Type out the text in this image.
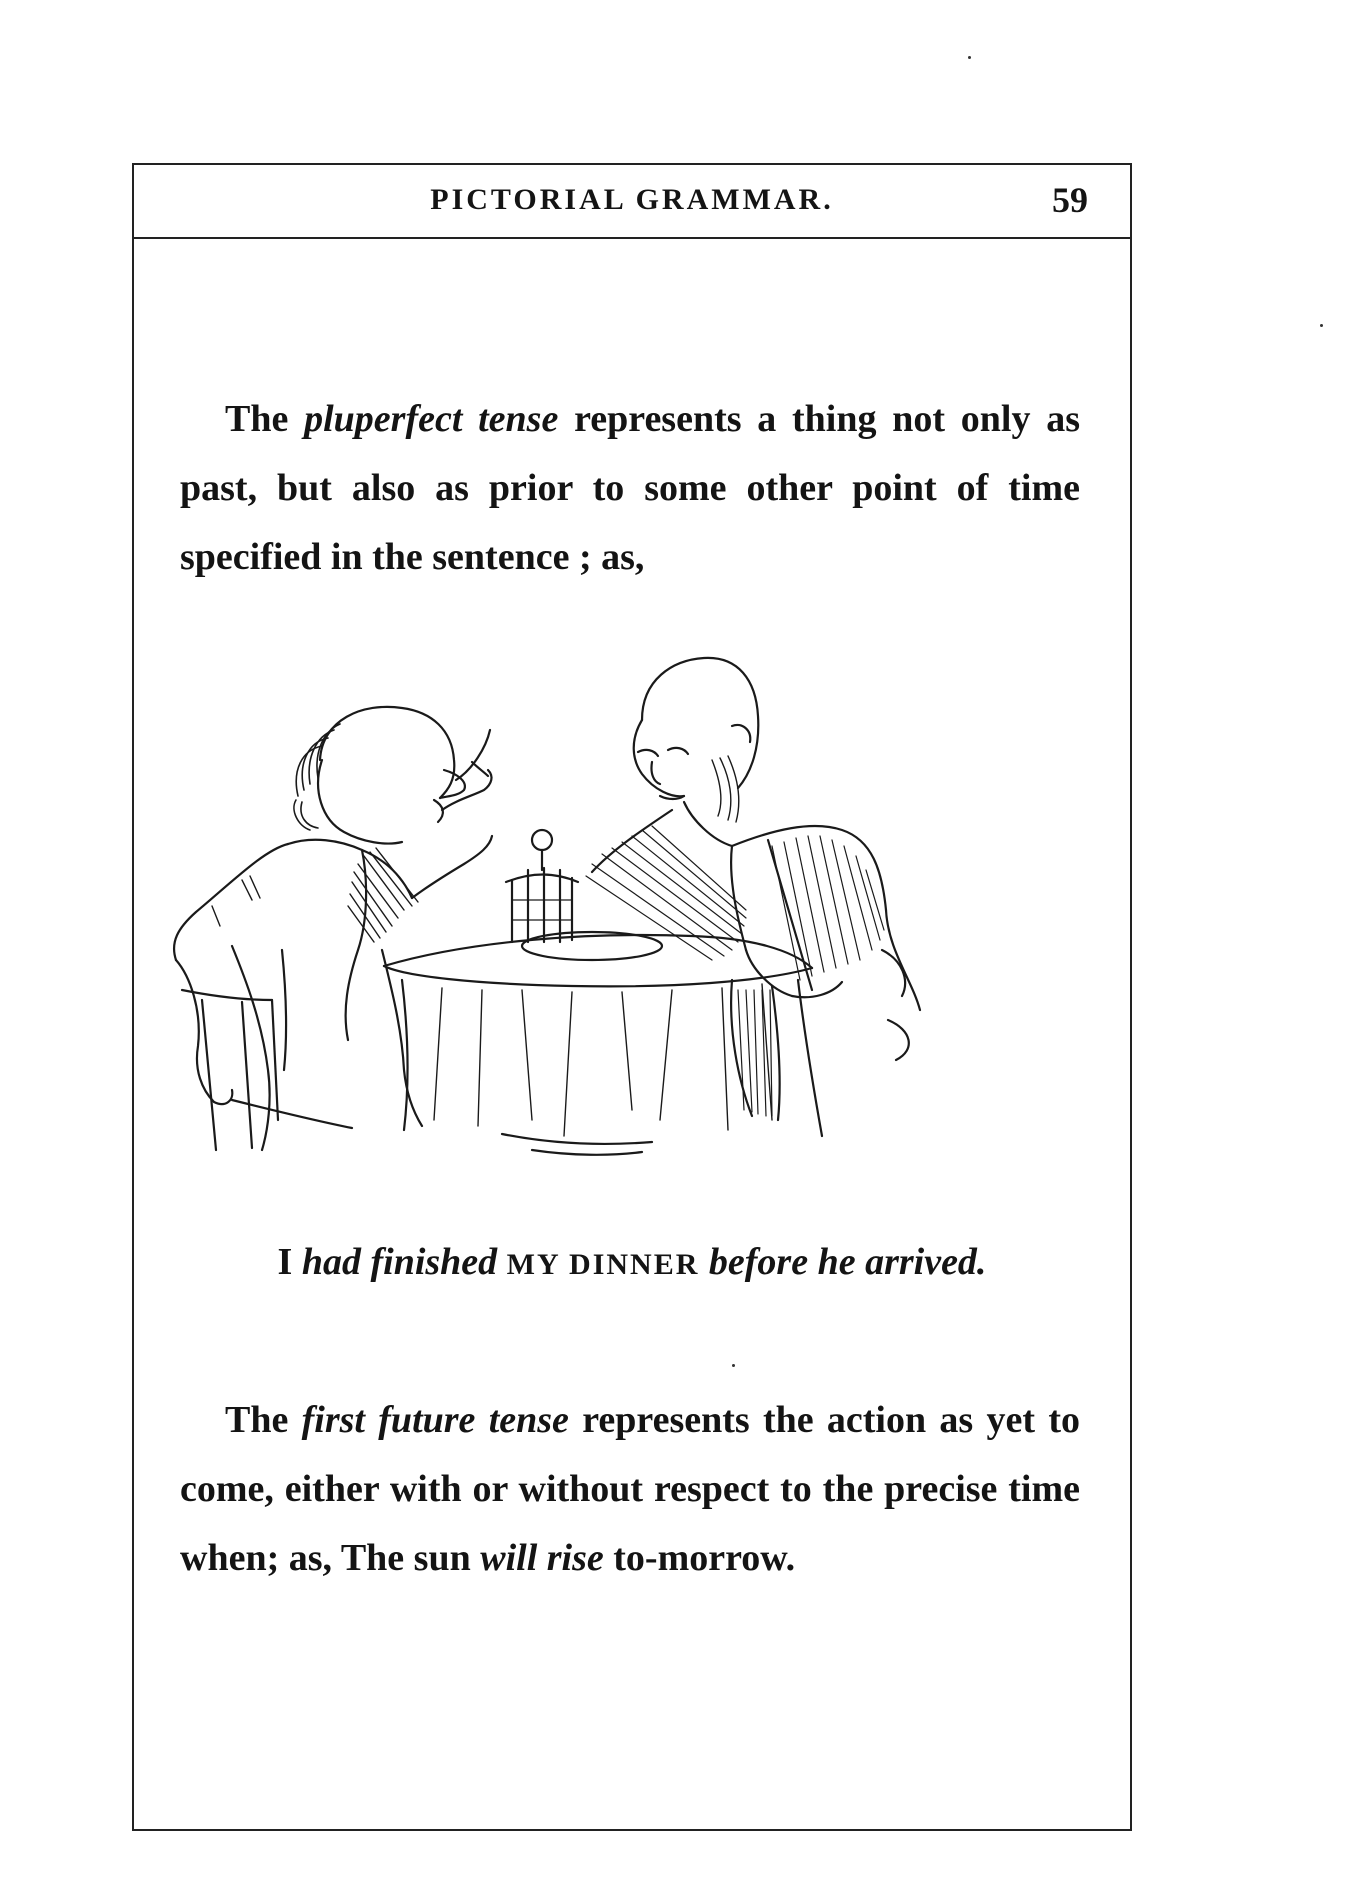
PICTORIAL GRAMMAR.	59
The pluperfect tense represents a thing not only as past, but also as prior to some other point of time specified in the sentence ; as,
I had finished MY DINNER before he arrived.
The first future tense represents the action as yet to come, either with or without respect to the precise time when; as, The sun will rise to-morrow.
